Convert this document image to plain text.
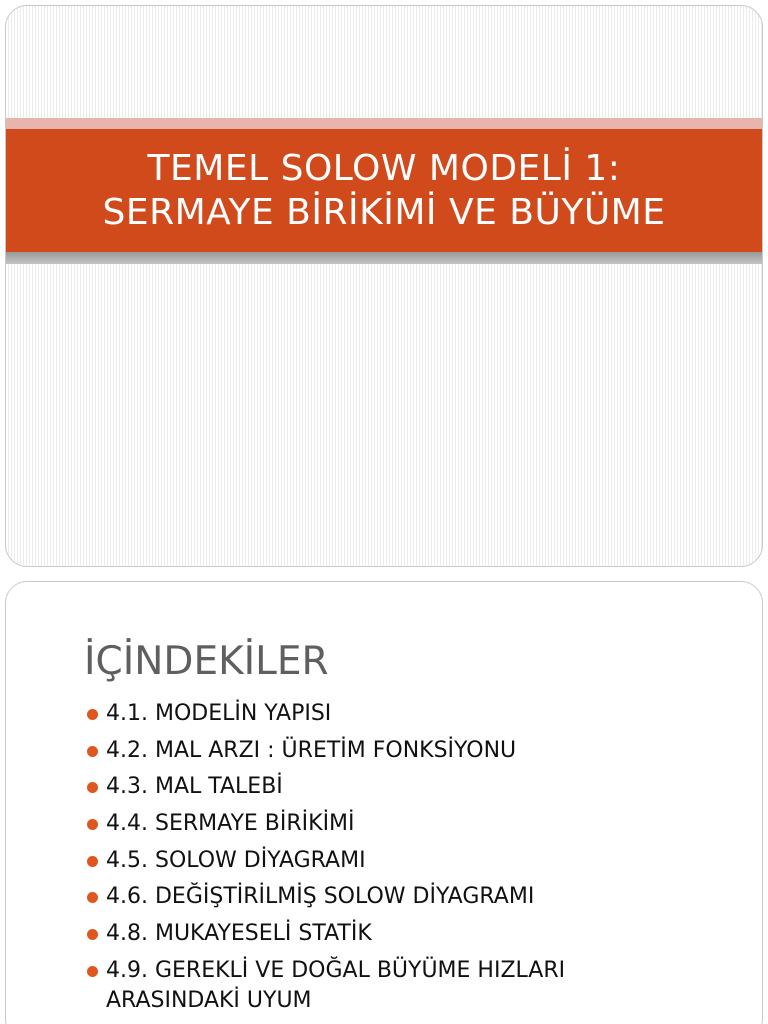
TEMEL SOLOW MODELİ 1:
SERMAYE BİRİKİMİ VE BÜYÜME
İÇİNDEKİLER
4.1. MODELİN YAPISI
4.2. MAL ARZI : ÜRETİM FONKSİYONU
4.3. MAL TALEBİ
4.4. SERMAYE BİRİKİMİ
4.5. SOLOW DİYAGRAMI
4.6. DEĞİŞTİRİLMİŞ SOLOW DİYAGRAMI
4.8. MUKAYESELİ STATİK
4.9. GEREKLİ VE DOĞAL BÜYÜME HIZLARI ARASINDAKİ UYUM
